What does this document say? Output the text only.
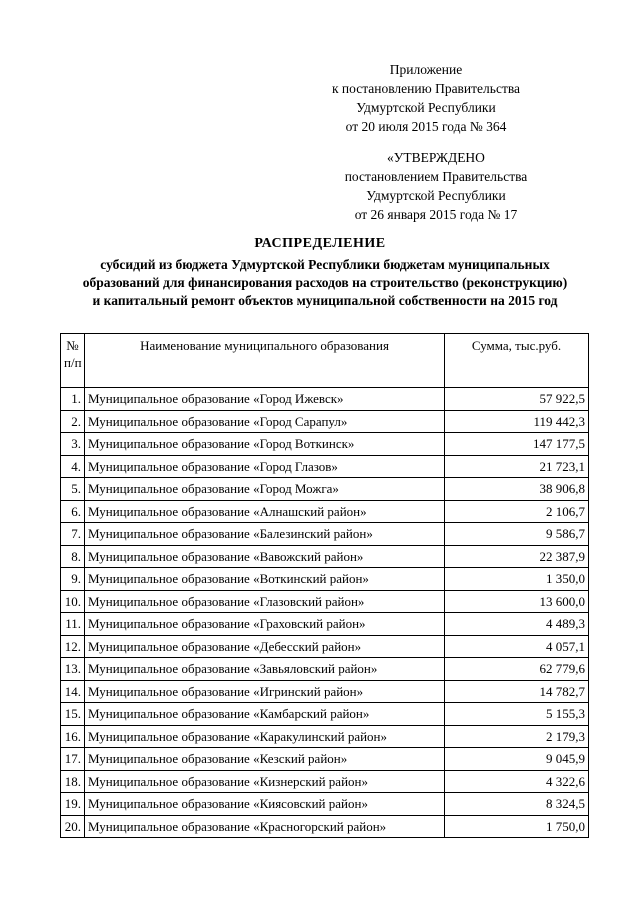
Приложение
к постановлению Правительства
Удмуртской Республики
от 20 июля 2015 года № 364
«УТВЕРЖДЕНО
постановлением Правительства
Удмуртской Республики
от 26 января 2015 года № 17
РАСПРЕДЕЛЕНИЕ
субсидий из бюджета Удмуртской Республики бюджетам муниципальных
образований для финансирования расходов на строительство (реконструкцию)
и капитальный ремонт объектов муниципальной собственности на 2015 год
№
п/п	Наименование муниципального образования	Сумма, тыс.руб.
1.	Муниципальное образование «Город Ижевск»	57 922,5
2.	Муниципальное образование «Город Сарапул»	119 442,3
3.	Муниципальное образование «Город Воткинск»	147 177,5
4.	Муниципальное образование «Город Глазов»	21 723,1
5.	Муниципальное образование «Город Можга»	38 906,8
6.	Муниципальное образование «Алнашский район»	2 106,7
7.	Муниципальное образование «Балезинский район»	9 586,7
8.	Муниципальное образование «Вавожский район»	22 387,9
9.	Муниципальное образование «Воткинский район»	1 350,0
10.	Муниципальное образование «Глазовский район»	13 600,0
11.	Муниципальное образование «Граховский район»	4 489,3
12.	Муниципальное образование «Дебесский район»	4 057,1
13.	Муниципальное образование «Завьяловский район»	62 779,6
14.	Муниципальное образование «Игринский район»	14 782,7
15.	Муниципальное образование «Камбарский район»	5 155,3
16.	Муниципальное образование «Каракулинский район»	2 179,3
17.	Муниципальное образование «Кезский район»	9 045,9
18.	Муниципальное образование «Кизнерский район»	4 322,6
19.	Муниципальное образование «Киясовский район»	8 324,5
20.	Муниципальное образование «Красногорский район»	1 750,0
